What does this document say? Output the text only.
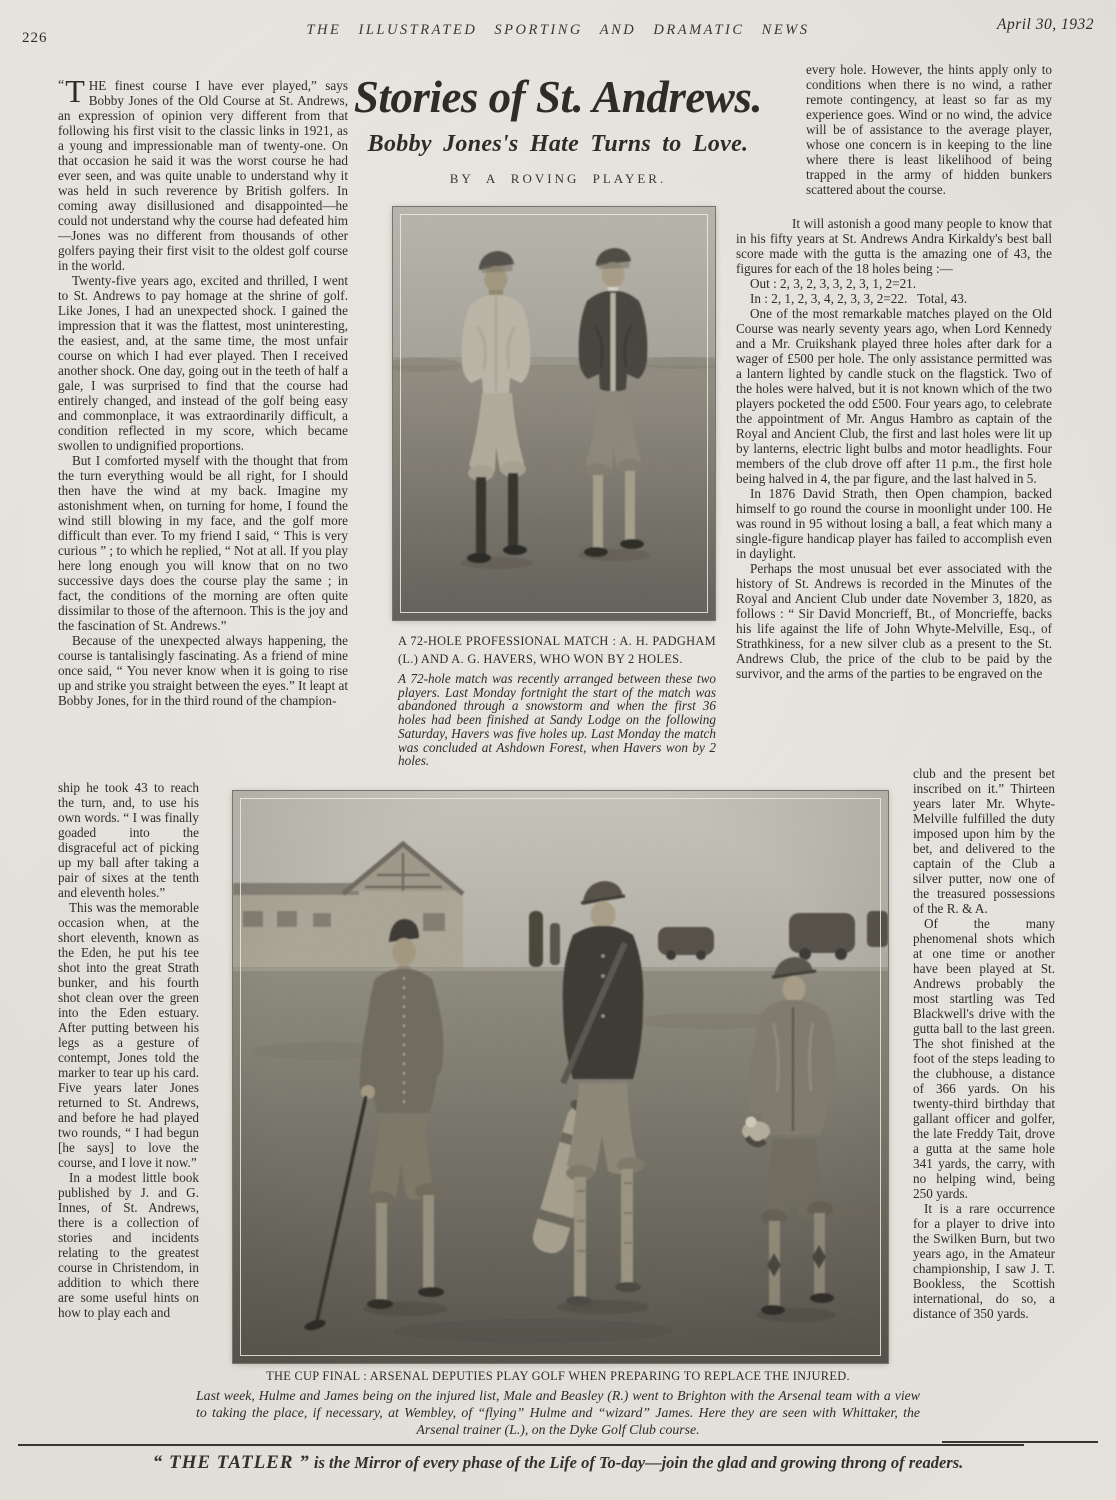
226	THE ILLUSTRATED SPORTING AND DRAMATIC NEWS	April 30, 1932
Stories of St. Andrews.
Bobby Jones's Hate Turns to Love.
BY A ROVING PLAYER.

“ T HE finest course I have ever played,” says Bobby Jones of the Old Course at St. Andrews, an expression of opinion very different from that following his first visit to the classic links in 1921, as a young and impressionable man of twenty-one. On that occasion he said it was the worst course he had ever seen, and was quite unable to understand why it was held in such reverence by British golfers. In coming away disillusioned and disappointed—he could not understand why the course had defeated him—Jones was no different from thousands of other golfers paying their first visit to the oldest golf course in the world.

Twenty-five years ago, excited and thrilled, I went to St. Andrews to pay homage at the shrine of golf. Like Jones, I had an unexpected shock. I gained the impression that it was the flattest, most uninteresting, the easiest, and, at the same time, the most unfair course on which I had ever played. Then I received another shock. One day, going out in the teeth of half a gale, I was surprised to find that the course had entirely changed, and instead of the golf being easy and commonplace, it was extraordinarily difficult, a condition reflected in my score, which became swollen to undignified proportions.

But I comforted myself with the thought that from the turn everything would be all right, for I should then have the wind at my back. Imagine my astonishment when, on turning for home, I found the wind still blowing in my face, and the golf more difficult than ever. To my friend I said, “ This is very curious ” ; to which he replied, “ Not at all. If you play here long enough you will know that on no two successive days does the course play the same ; in fact, the conditions of the morning are often quite dissimilar to those of the afternoon. This is the joy and the fascination of St. Andrews.”

Because of the unexpected always happening, the course is tantalisingly fascinating. As a friend of mine once said, “ You never know when it is going to rise up and strike you straight between the eyes.” It leapt at Bobby Jones, for in the third round of the champion-

ship he took 43 to reach the turn, and, to use his own words. “ I was finally goaded into the disgraceful act of picking up my ball after taking a pair of sixes at the tenth and eleventh holes.”

This was the memorable occasion when, at the short eleventh, known as the Eden, he put his tee shot into the great Strath bunker, and his fourth shot clean over the green into the Eden estuary. After putting between his legs as a gesture of contempt, Jones told the marker to tear up his card. Five years later Jones returned to St. Andrews, and before he had played two rounds, “ I had begun [he says] to love the course, and I love it now.”

In a modest little book published by J. and G. Innes, of St. Andrews, there is a collection of stories and incidents relating to the greatest course in Christendom, in addition to which there are some useful hints on how to play each and

every hole. However, the hints apply only to conditions when there is no wind, a rather remote contingency, at least so far as my experience goes. Wind or no wind, the advice will be of assistance to the average player, whose one concern is in keeping to the line where there is least likelihood of being trapped in the army of hidden bunkers scattered about the course.

It will astonish a good many people to know that in his fifty years at St. Andrews Andra Kirkaldy's best ball score made with the gutta is the amazing one of 43, the figures for each of the 18 holes being :—

Out : 2, 3, 2, 3, 3, 2, 3, 1, 2=21.
In : 2, 1, 2, 3, 4, 2, 3, 3, 2=22.   Total, 43.

One of the most remarkable matches played on the Old Course was nearly seventy years ago, when Lord Kennedy and a Mr. Cruikshank played three holes after dark for a wager of £500 per hole. The only assistance permitted was a lantern lighted by candle stuck on the flagstick. Two of the holes were halved, but it is not known which of the two players pocketed the odd £500. Four years ago, to celebrate the appointment of Mr. Angus Hambro as captain of the Royal and Ancient Club, the first and last holes were lit up by lanterns, electric light bulbs and motor headlights. Four members of the club drove off after 11 p.m., the first hole being halved in 4, the par figure, and the last halved in 5.

In 1876 David Strath, then Open champion, backed himself to go round the course in moonlight under 100. He was round in 95 without losing a ball, a feat which many a single-figure handicap player has failed to accomplish even in daylight.

Perhaps the most unusual bet ever associated with the history of St. Andrews is recorded in the Minutes of the Royal and Ancient Club under date November 3, 1820, as follows : “ Sir David Moncrieff, Bt., of Moncrieffe, backs his life against the life of John Whyte-Melville, Esq., of Strathkiness, for a new silver club as a present to the St. Andrews Club, the price of the club to be paid by the survivor, and the arms of the parties to be engraved on the

club and the present bet inscribed on it.” Thirteen years later Mr. Whyte-Melville fulfilled the duty imposed upon him by the bet, and delivered to the captain of the Club a silver putter, now one of the treasured possessions of the R. & A.

Of the many phenomenal shots which at one time or another have been played at St. Andrews probably the most startling was Ted Blackwell's drive with the gutta ball to the last green. The shot finished at the foot of the steps leading to the clubhouse, a distance of 366 yards. On his twenty-third birthday that gallant officer and golfer, the late Freddy Tait, drove a gutta at the same hole 341 yards, the carry, with no helping wind, being 250 yards.

It is a rare occurrence for a player to drive into the Swilken Burn, but two years ago, in the Amateur championship, I saw J. T. Bookless, the Scottish international, do so, a distance of 350 yards.

A 72-HOLE PROFESSIONAL MATCH : A. H. PADGHAM (L.) AND A. G. HAVERS, WHO WON BY 2 HOLES.
A 72-hole match was recently arranged between these two players. Last Monday fortnight the start of the match was abandoned through a snowstorm and when the first 36 holes had been finished at Sandy Lodge on the following Saturday, Havers was five holes up. Last Monday the match was concluded at Ashdown Forest, when Havers won by 2 holes.
THE CUP FINAL : ARSENAL DEPUTIES PLAY GOLF WHEN PREPARING TO REPLACE THE INJURED.
Last week, Hulme and James being on the injured list, Male and Beasley (R.) went to Brighton with the Arsenal team with a view to taking the place, if necessary, at Wembley, of “flying” Hulme and “wizard” James. Here they are seen with Whittaker, the Arsenal trainer (L.), on the Dyke Golf Club course.
“ THE TATLER ” is the Mirror of every phase of the Life of To-day—join the glad and growing throng of readers.
